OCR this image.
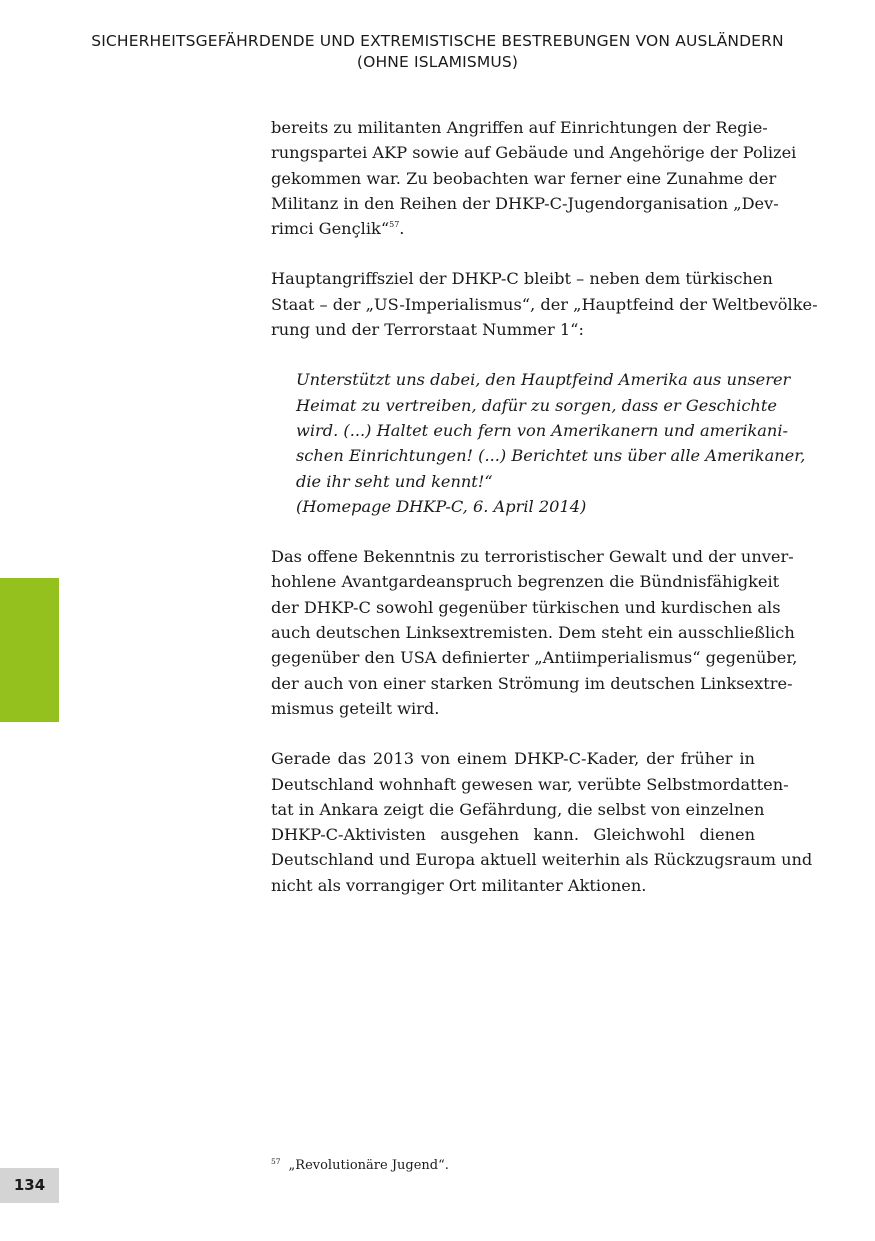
SICHERHEITSGEFÄHRDENDE UND EXTREMISTISCHE BESTREBUNGEN VON AUSLÄNDERN
(OHNE ISLAMISMUS)

bereits zu militanten Angriffen auf Einrichtungen der Regie-
rungspartei AKP sowie auf Gebäude und Angehörige der Polizei
gekommen war. Zu beobachten war ferner eine Zunahme der
Militanz in den Reihen der DHKP-C-Jugendorganisation „Dev-
rimci Gençlik“$^{57}$.

Hauptangriffsziel der DHKP-C bleibt – neben dem türkischen
Staat – der „US-Imperialismus“, der „Hauptfeind der Weltbevölke-
rung und der Terrorstaat Nummer 1“:

Unterstützt uns dabei, den Hauptfeind Amerika aus unserer
Heimat zu vertreiben, dafür zu sorgen, dass er Geschichte
wird. (...) Haltet euch fern von Amerikanern und amerikani-
schen Einrichtungen! (...) Berichtet uns über alle Amerikaner,
die ihr seht und kennt!“
(Homepage DHKP-C, 6. April 2014)

Das offene Bekenntnis zu terroristischer Gewalt und der unver-
hohlene Avantgardeanspruch begrenzen die Bündnisfähigkeit
der DHKP-C sowohl gegenüber türkischen und kurdischen als
auch deutschen Linksextremisten. Dem steht ein ausschließlich
gegenüber den USA definierter „Antiimperialismus“ gegenüber,
der auch von einer starken Strömung im deutschen Linksextre-
mismus geteilt wird.

Gerade das 2013 von einem DHKP-C-Kader, der früher in
Deutschland wohnhaft gewesen war, verübte Selbstmordatten-
tat in Ankara zeigt die Gefährdung, die selbst von einzelnen
DHKP-C-Aktivisten ausgehen kann. Gleichwohl dienen
Deutschland und Europa aktuell weiterhin als Rückzugsraum und
nicht als vorrangiger Ort militanter Aktionen.

$^{57}$ „Revolutionäre Jugend“.
134
